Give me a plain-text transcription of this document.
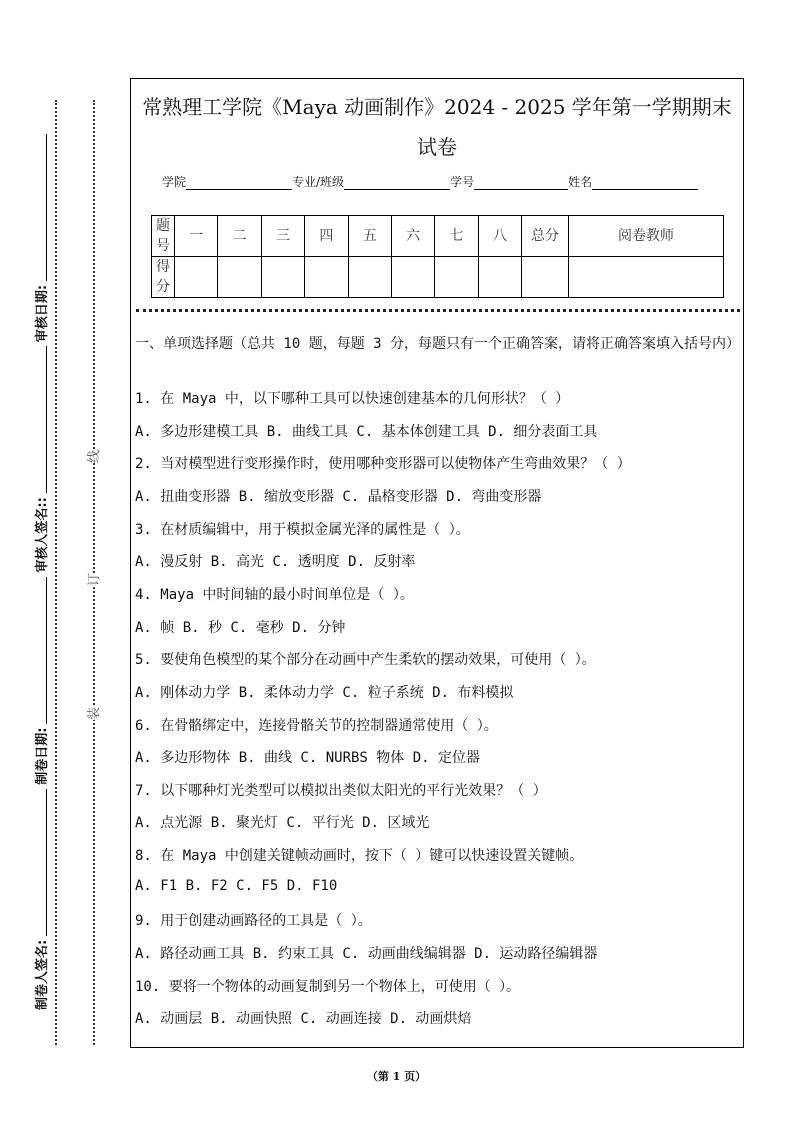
制卷人签名:
制卷日期:
审核人签名::
审核日期:
装
订
线
常熟理工学院《Maya 动画制作》2024 - 2025 学年第一学期期末
试卷
学院	专业/班级	学号	姓名
题号	一	二	三	四	五	六	七	八	总分	阅卷教师
得分										
一、单项选择题（总共 10 题，每题 3 分，每题只有一个正确答案，请将正确答案填入括号内）
（第 1 页）
1. 在 Maya 中，以下哪种工具可以快速创建基本的几何形状？（ ）
A. 多边形建模工具 B. 曲线工具 C. 基本体创建工具 D. 细分表面工具
2. 当对模型进行变形操作时，使用哪种变形器可以使物体产生弯曲效果？（ ）
A. 扭曲变形器 B. 缩放变形器 C. 晶格变形器 D. 弯曲变形器
3. 在材质编辑中，用于模拟金属光泽的属性是（ ）。
A. 漫反射 B. 高光 C. 透明度 D. 反射率
4. Maya 中时间轴的最小时间单位是（ ）。
A. 帧 B. 秒 C. 毫秒 D. 分钟
5. 要使角色模型的某个部分在动画中产生柔软的摆动效果，可使用（ ）。
A. 刚体动力学 B. 柔体动力学 C. 粒子系统 D. 布料模拟
6. 在骨骼绑定中，连接骨骼关节的控制器通常使用（ ）。
A. 多边形物体 B. 曲线 C. NURBS 物体 D. 定位器
7. 以下哪种灯光类型可以模拟出类似太阳光的平行光效果？（ ）
A. 点光源 B. 聚光灯 C. 平行光 D. 区域光
8. 在 Maya 中创建关键帧动画时，按下（ ）键可以快速设置关键帧。
A. F1 B. F2 C. F5 D. F10
9. 用于创建动画路径的工具是（ ）。
A. 路径动画工具 B. 约束工具 C. 动画曲线编辑器 D. 运动路径编辑器
10. 要将一个物体的动画复制到另一个物体上，可使用（ ）。
A. 动画层 B. 动画快照 C. 动画连接 D. 动画烘焙
